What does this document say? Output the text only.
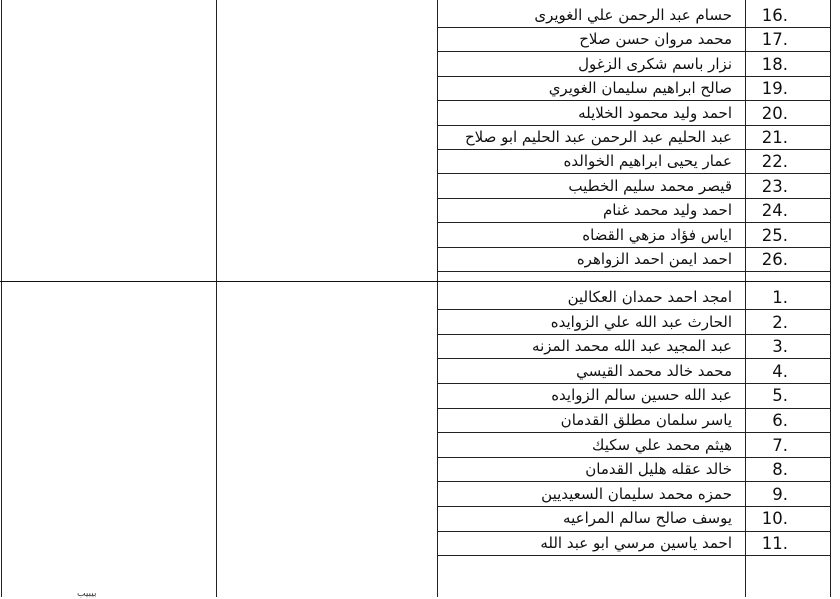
حسام عبد الرحمن علي الغويرى 16.
محمد مروان حسن صلاح 17.
نزار باسم شكرى الزغول 18.
صالح ابراهيم سليمان الغويري 19.
احمد وليد محمود الخلايله 20.
عبد الحليم عبد الرحمن عبد الحليم ابو صلاح 21.
عمار يحيى ابراهيم الخوالده 22.
قيصر محمد سليم الخطيب 23.
احمد وليد محمد غنام 24.
اياس فؤاد مزهي القضاه 25.
احمد ايمن احمد الزواهره 26.
امجد احمد حمدان العكالين 1.
الحارث عبد الله علي الزوايده 2.
عبد المجيد عبد الله محمد المزنه 3.
محمد خالد محمد القيسي 4.
عبد الله حسين سالم الزوايده 5.
ياسر سلمان مطلق القدمان 6.
هيثم محمد علي سكيك 7.
خالد عقله هليل القدمان 8.
حمزه محمد سليمان السعيديين 9.
يوسف صالح سالم المراعيه 10.
احمد ياسين مرسي ابو عبد الله 11.
بيبيب
